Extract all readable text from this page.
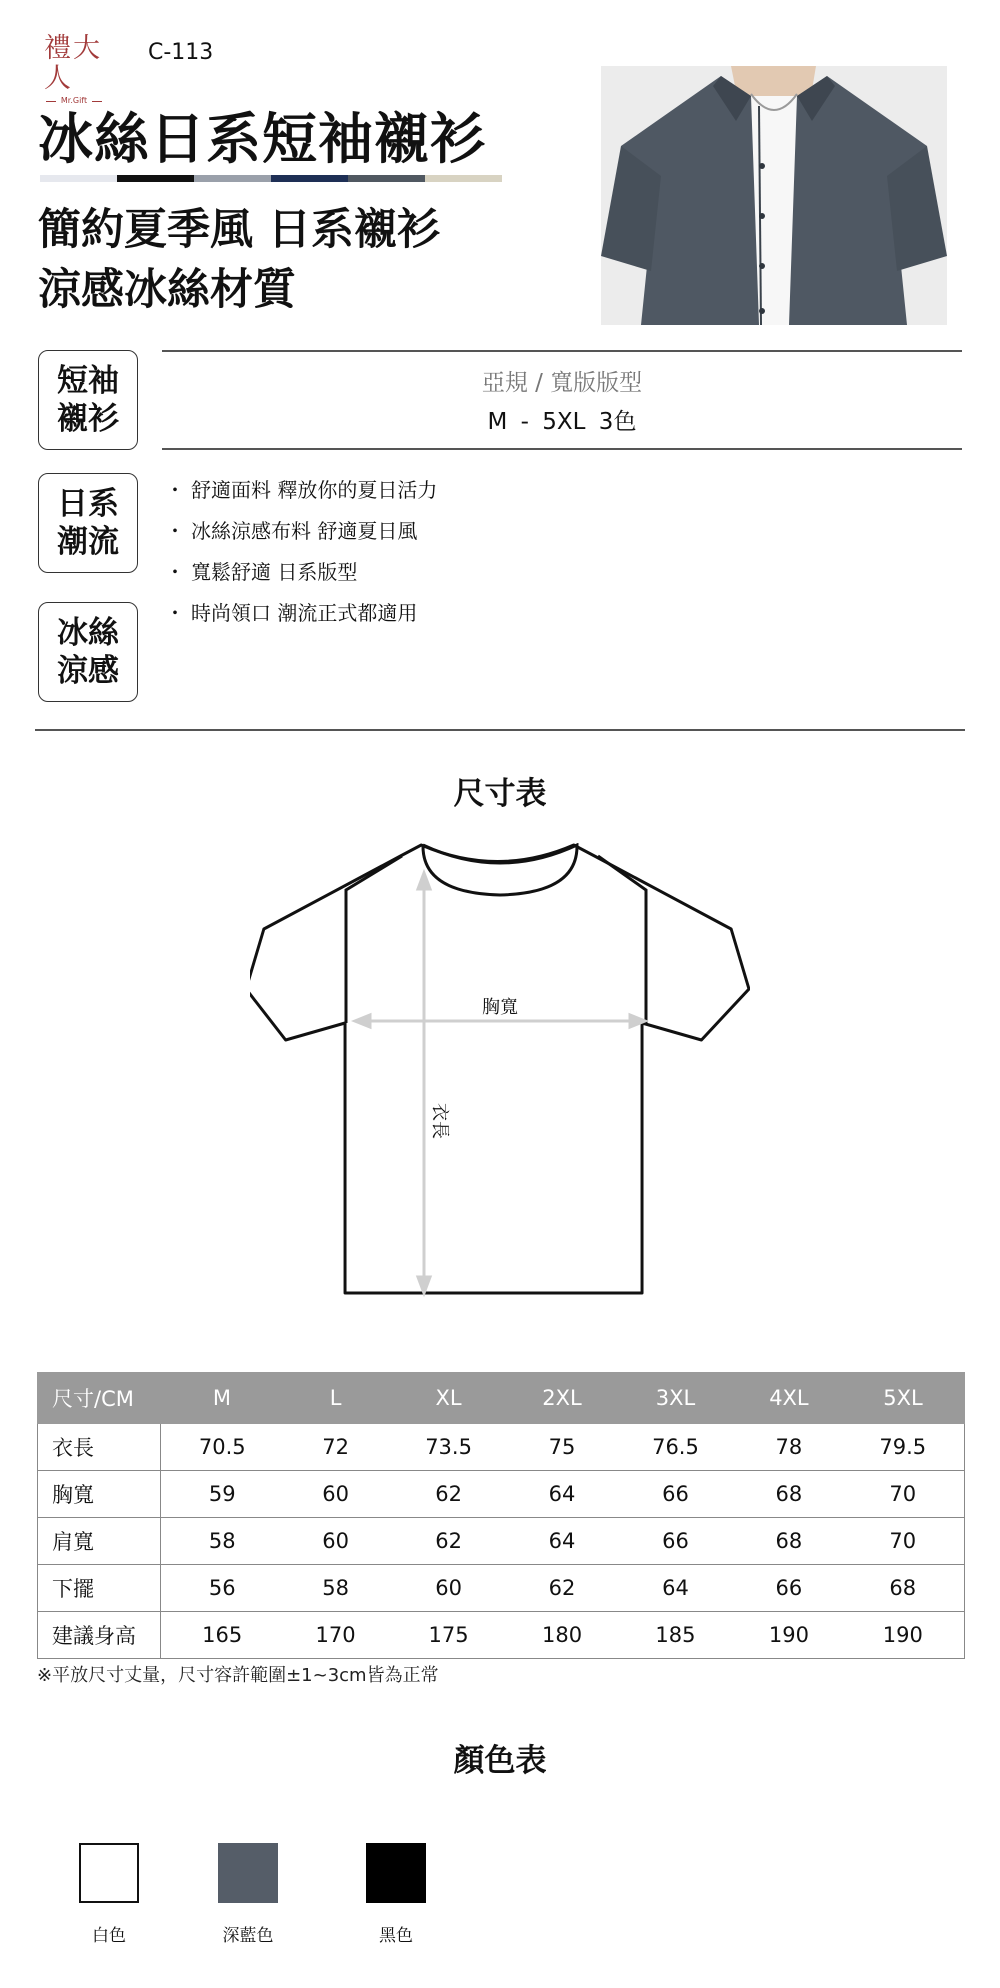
禮大人
Mr.Gift
C-113
冰絲日系短袖襯衫
簡約夏季風 日系襯衫
涼感冰絲材質
短袖
襯衫
日系
潮流
冰絲
涼感
亞規 / 寬版版型
M - 5XL 3色
・ 舒適面料 釋放你的夏日活力
・ 冰絲涼感布料 舒適夏日風
・ 寬鬆舒適 日系版型
・ 時尚領口 潮流正式都適用
尺寸表
胸寬
衣長
尺寸/CM	M	L	XL	2XL	3XL	4XL	5XL
衣長	70.5	72	73.5	75	76.5	78	79.5
胸寬	59	60	62	64	66	68	70
肩寬	58	60	62	64	66	68	70
下擺	56	58	60	62	64	66	68
建議身高	165	170	175	180	185	190	190
※平放尺寸丈量，尺寸容許範圍±1~3cm皆為正常
顏色表
白色	深藍色	黑色
